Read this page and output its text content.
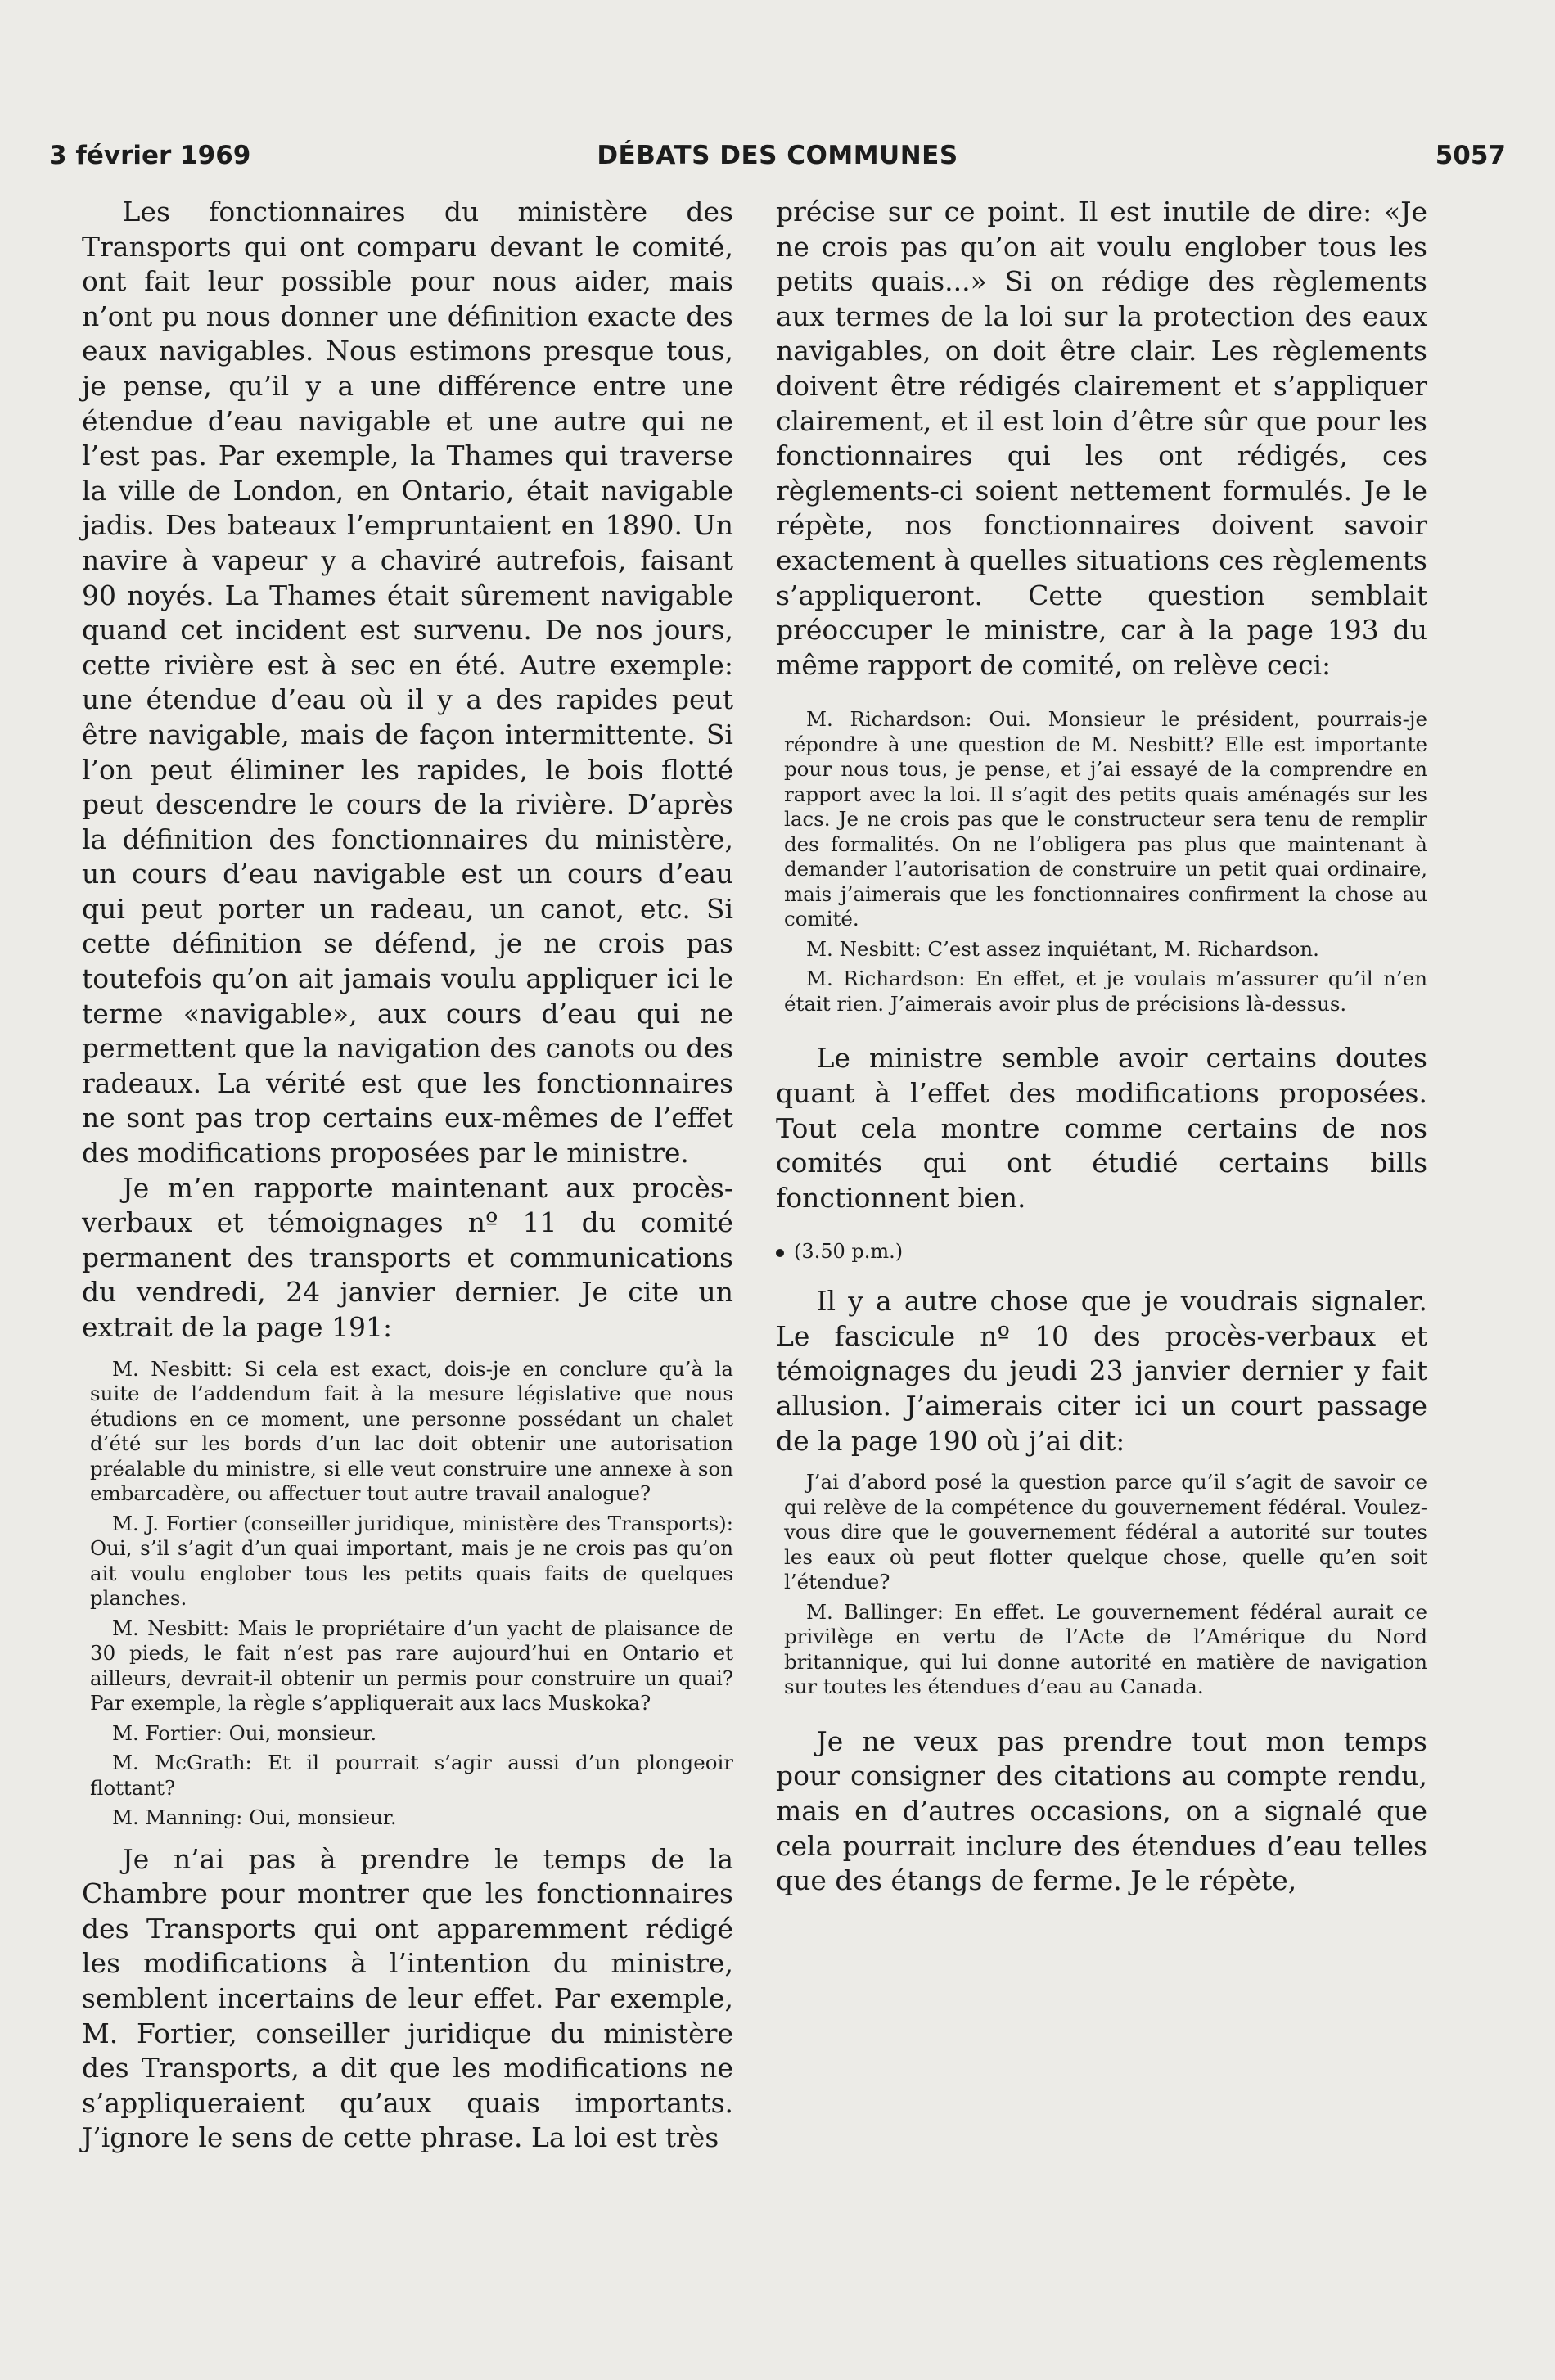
3 février 1969	DÉBATS DES COMMUNES	5057

Les fonctionnaires du ministère des Transports qui ont comparu devant le comité, ont fait leur possible pour nous aider, mais n’ont pu nous donner une définition exacte des eaux navigables. Nous estimons presque tous, je pense, qu’il y a une différence entre une étendue d’eau navigable et une autre qui ne l’est pas. Par exemple, la Thames qui traverse la ville de London, en Ontario, était navigable jadis. Des bateaux l’empruntaient en 1890. Un navire à vapeur y a chaviré autrefois, faisant 90 noyés. La Thames était sûrement navigable quand cet incident est survenu. De nos jours, cette rivière est à sec en été. Autre exemple: une étendue d’eau où il y a des rapides peut être navigable, mais de façon intermittente. Si l’on peut éliminer les rapides, le bois flotté peut descendre le cours de la rivière. D’après la définition des fonctionnaires du ministère, un cours d’eau navigable est un cours d’eau qui peut porter un radeau, un canot, etc. Si cette définition se défend, je ne crois pas toutefois qu’on ait jamais voulu appliquer ici le terme «navigable», aux cours d’eau qui ne permettent que la navigation des canots ou des radeaux. La vérité est que les fonctionnaires ne sont pas trop certains eux-mêmes de l’effet des modifications proposées par le ministre.

Je m’en rapporte maintenant aux procès-verbaux et témoignages nº 11 du comité permanent des transports et communications du vendredi, 24 janvier dernier. Je cite un extrait de la page 191:

M. Nesbitt: Si cela est exact, dois-je en conclure qu’à la suite de l’addendum fait à la mesure législative que nous étudions en ce moment, une personne possédant un chalet d’été sur les bords d’un lac doit obtenir une autorisation préalable du ministre, si elle veut construire une annexe à son embarcadère, ou affectuer tout autre travail analogue?

M. J. Fortier (conseiller juridique, ministère des Transports): Oui, s’il s’agit d’un quai important, mais je ne crois pas qu’on ait voulu englober tous les petits quais faits de quelques planches.

M. Nesbitt: Mais le propriétaire d’un yacht de plaisance de 30 pieds, le fait n’est pas rare aujourd’hui en Ontario et ailleurs, devrait-il obtenir un permis pour construire un quai? Par exemple, la règle s’appliquerait aux lacs Muskoka?

M. Fortier: Oui, monsieur.

M. McGrath: Et il pourrait s’agir aussi d’un plongeoir flottant?

M. Manning: Oui, monsieur.

Je n’ai pas à prendre le temps de la Chambre pour montrer que les fonctionnaires des Transports qui ont apparemment rédigé les modifications à l’intention du ministre, semblent incertains de leur effet. Par exemple, M. Fortier, conseiller juridique du ministère des Transports, a dit que les modifications ne s’appliqueraient qu’aux quais importants. J’ignore le sens de cette phrase. La loi est très

précise sur ce point. Il est inutile de dire: «Je ne crois pas qu’on ait voulu englober tous les petits quais...» Si on rédige des règlements aux termes de la loi sur la protection des eaux navigables, on doit être clair. Les règlements doivent être rédigés clairement et s’appliquer clairement, et il est loin d’être sûr que pour les fonctionnaires qui les ont rédigés, ces règlements-ci soient nettement formulés. Je le répète, nos fonctionnaires doivent savoir exactement à quelles situations ces règlements s’appliqueront. Cette question semblait préoccuper le ministre, car à la page 193 du même rapport de comité, on relève ceci:

M. Richardson: Oui. Monsieur le président, pourrais-je répondre à une question de M. Nesbitt? Elle est importante pour nous tous, je pense, et j’ai essayé de la comprendre en rapport avec la loi. Il s’agit des petits quais aménagés sur les lacs. Je ne crois pas que le constructeur sera tenu de remplir des formalités. On ne l’obligera pas plus que maintenant à demander l’autorisation de construire un petit quai ordinaire, mais j’aimerais que les fonctionnaires confirment la chose au comité.

M. Nesbitt: C’est assez inquiétant, M. Richardson.

M. Richardson: En effet, et je voulais m’assurer qu’il n’en était rien. J’aimerais avoir plus de précisions là-dessus.

Le ministre semble avoir certains doutes quant à l’effet des modifications proposées. Tout cela montre comme certains de nos comités qui ont étudié certains bills fonctionnent bien.

(3.50 p.m.)

Il y a autre chose que je voudrais signaler. Le fascicule nº 10 des procès-verbaux et témoignages du jeudi 23 janvier dernier y fait allusion. J’aimerais citer ici un court passage de la page 190 où j’ai dit:

J’ai d’abord posé la question parce qu’il s’agit de savoir ce qui relève de la compétence du gouvernement fédéral. Voulez-vous dire que le gouvernement fédéral a autorité sur toutes les eaux où peut flotter quelque chose, quelle qu’en soit l’étendue?

M. Ballinger: En effet. Le gouvernement fédéral aurait ce privilège en vertu de l’Acte de l’Amérique du Nord britannique, qui lui donne autorité en matière de navigation sur toutes les étendues d’eau au Canada.

Je ne veux pas prendre tout mon temps pour consigner des citations au compte rendu, mais en d’autres occasions, on a signalé que cela pourrait inclure des étendues d’eau telles que des étangs de ferme. Je le répète,
